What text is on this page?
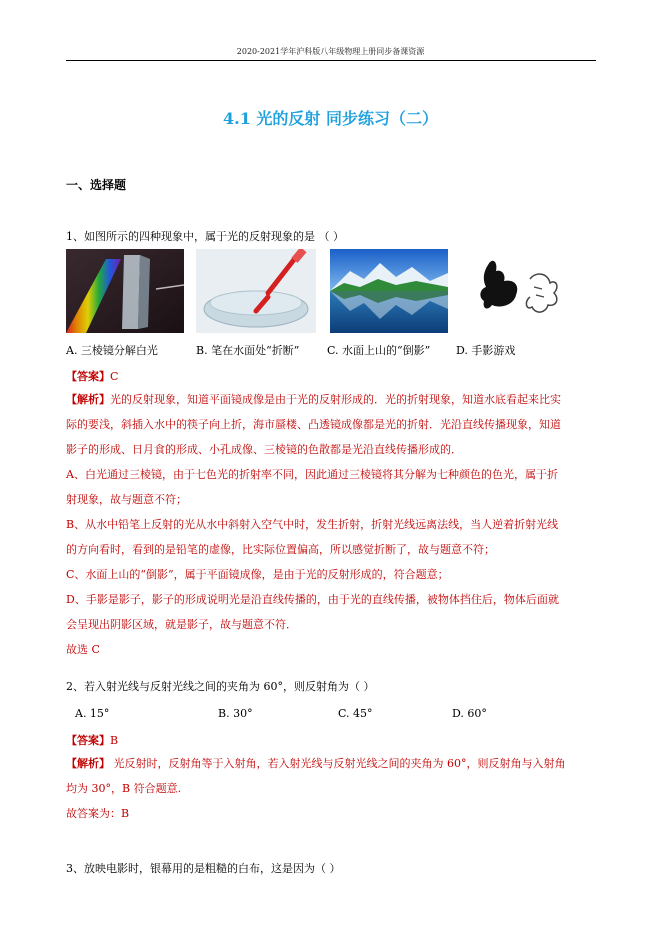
2020-2021学年沪科版八年级物理上册同步备课资源
4.1 光的反射 同步练习（二）
一、选择题
1、如图所示的四种现象中，属于光的反射现象的是 （ ）
A. 三棱镜分解白光	B. 笔在水面处“折断”	C. 水面上山的“倒影” D. 手影游戏
【答案】C
【解析】光的反射现象，知道平面镜成像是由于光的反射形成的．光的折射现象，知道水底看起来比实
际的要浅，斜插入水中的筷子向上折，海市蜃楼、凸透镜成像都是光的折射．光沿直线传播现象，知道
影子的形成、日月食的形成、小孔成像、三棱镜的色散都是光沿直线传播形成的．
A、白光通过三棱镜，由于七色光的折射率不同，因此通过三棱镜将其分解为七种颜色的色光，属于折
射现象，故与题意不符；
B、从水中铅笔上反射的光从水中斜射入空气中时，发生折射，折射光线远离法线，当人逆着折射光线
的方向看时，看到的是铅笔的虚像，比实际位置偏高，所以感觉折断了，故与题意不符；
C、水面上山的“倒影”，属于平面镜成像，是由于光的反射形成的，符合题意；
D、手影是影子，影子的形成说明光是沿直线传播的，由于光的直线传播，被物体挡住后，物体后面就
会呈现出阴影区域，就是影子，故与题意不符．
故选 C
2、若入射光线与反射光线之间的夹角为 60°，则反射角为（ ）
A. 15°	B. 30°	C. 45°	D. 60°
【答案】B
【解析】 光反射时，反射角等于入射角，若入射光线与反射光线之间的夹角为 60°，则反射角与入射角
均为 30°，B 符合题意.
故答案为：B
3、放映电影时，银幕用的是粗糙的白布，这是因为（ ）
